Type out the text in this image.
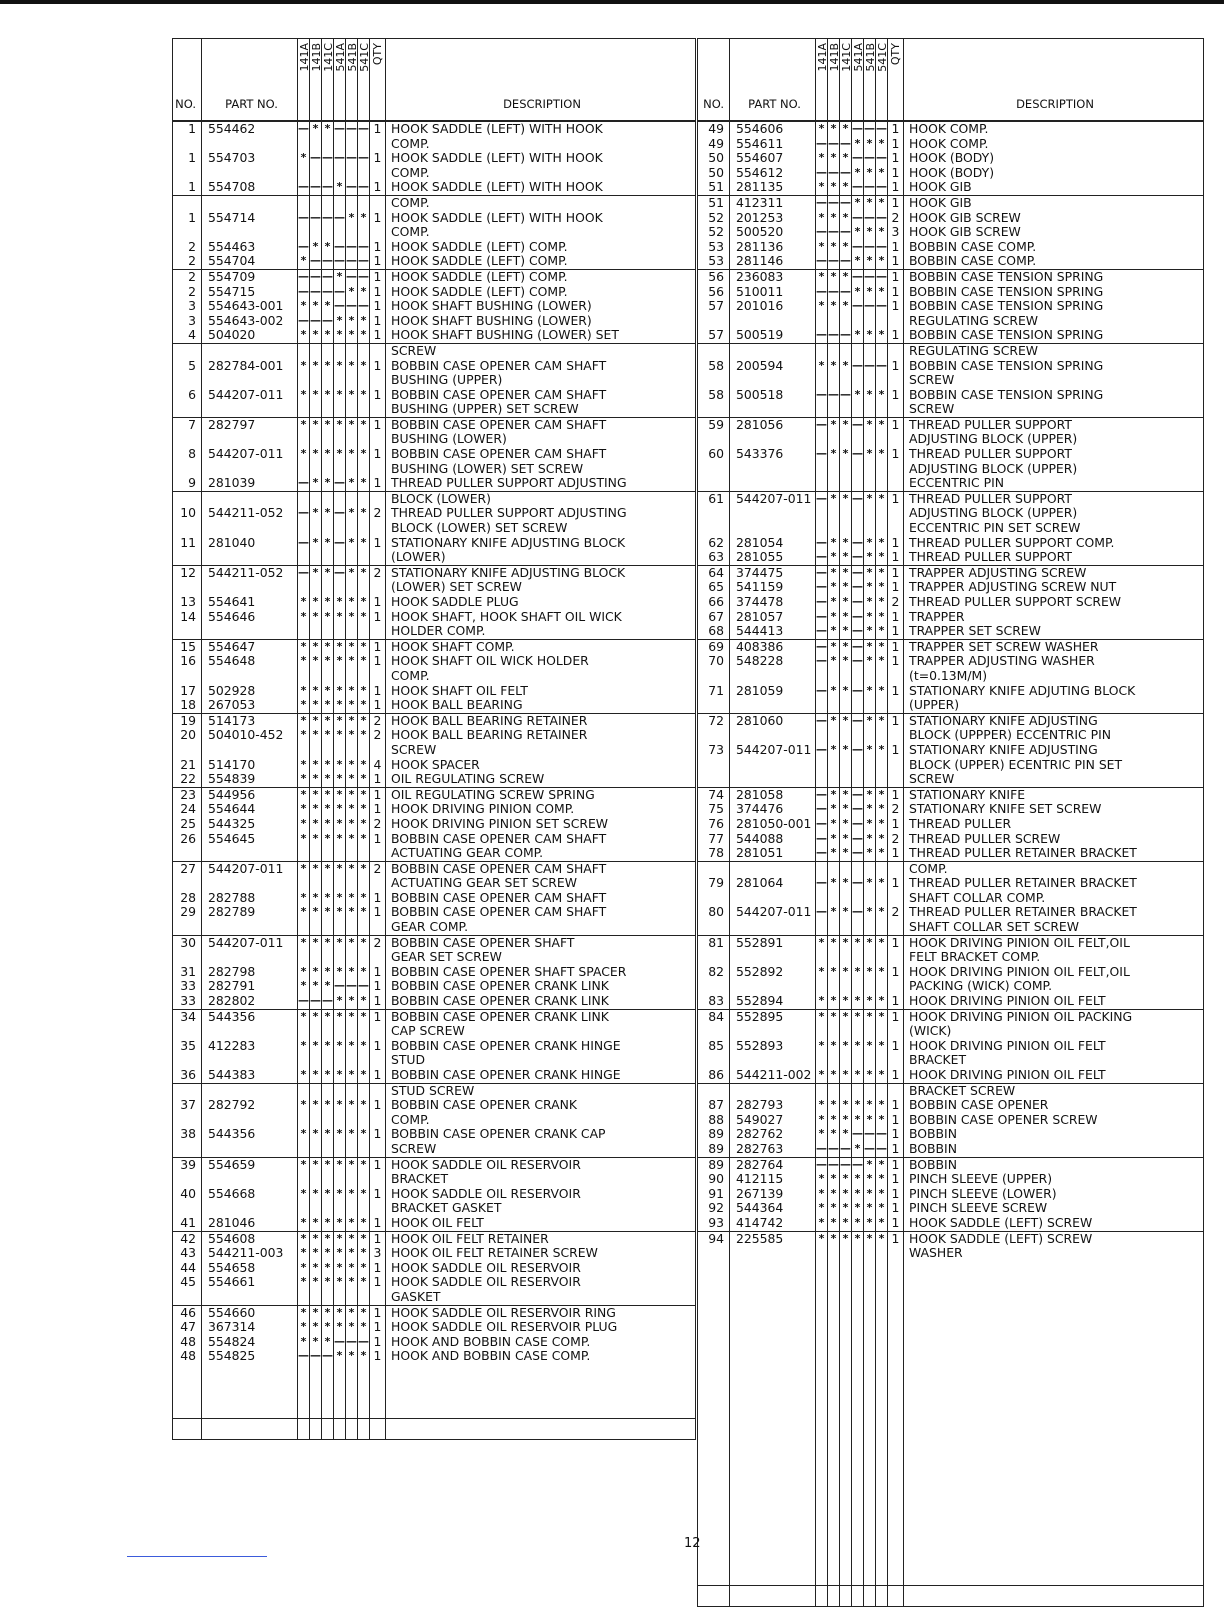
NO.	PART NO.	141A	141B	141C	541A	541B	541C	QTY	DESCRIPTION
1	554462	—	*	*	—	—	—	1	HOOK SADDLE (LEFT) WITH HOOK
									COMP.
1	554703	*	—	—	—	—	—	1	HOOK SADDLE (LEFT) WITH HOOK
									COMP.
1	554708	—	—	—	*	—	—	1	HOOK SADDLE (LEFT) WITH HOOK
									COMP.
1	554714	—	—	—	—	*	*	1	HOOK SADDLE (LEFT) WITH HOOK
									COMP.
2	554463	—	*	*	—	—	—	1	HOOK SADDLE (LEFT) COMP.
2	554704	*	—	—	—	—	—	1	HOOK SADDLE (LEFT) COMP.
2	554709	—	—	—	*	—	—	1	HOOK SADDLE (LEFT) COMP.
2	554715	—	—	—	—	*	*	1	HOOK SADDLE (LEFT) COMP.
3	554643-001	*	*	*	—	—	—	1	HOOK SHAFT BUSHING (LOWER)
3	554643-002	—	—	—	*	*	*	1	HOOK SHAFT BUSHING (LOWER)
4	504020	*	*	*	*	*	*	1	HOOK SHAFT BUSHING (LOWER) SET
									SCREW
5	282784-001	*	*	*	*	*	*	1	BOBBIN CASE OPENER CAM SHAFT
									BUSHING (UPPER)
6	544207-011	*	*	*	*	*	*	1	BOBBIN CASE OPENER CAM SHAFT
									BUSHING (UPPER) SET SCREW
7	282797	*	*	*	*	*	*	1	BOBBIN CASE OPENER CAM SHAFT
									BUSHING (LOWER)
8	544207-011	*	*	*	*	*	*	1	BOBBIN CASE OPENER CAM SHAFT
									BUSHING (LOWER) SET SCREW
9	281039	—	*	*	—	*	*	1	THREAD PULLER SUPPORT ADJUSTING
									BLOCK (LOWER)
10	544211-052	—	*	*	—	*	*	2	THREAD PULLER SUPPORT ADJUSTING
									BLOCK (LOWER) SET SCREW
11	281040	—	*	*	—	*	*	1	STATIONARY KNIFE ADJUSTING BLOCK
									(LOWER)
12	544211-052	—	*	*	—	*	*	2	STATIONARY KNIFE ADJUSTING BLOCK
									(LOWER) SET SCREW
13	554641	*	*	*	*	*	*	1	HOOK SADDLE PLUG
14	554646	*	*	*	*	*	*	1	HOOK SHAFT, HOOK SHAFT OIL WICK
									HOLDER COMP.
15	554647	*	*	*	*	*	*	1	HOOK SHAFT COMP.
16	554648	*	*	*	*	*	*	1	HOOK SHAFT OIL WICK HOLDER
									COMP.
17	502928	*	*	*	*	*	*	1	HOOK SHAFT OIL FELT
18	267053	*	*	*	*	*	*	1	HOOK BALL BEARING
19	514173	*	*	*	*	*	*	2	HOOK BALL BEARING RETAINER
20	504010-452	*	*	*	*	*	*	2	HOOK BALL BEARING RETAINER
									SCREW
21	514170	*	*	*	*	*	*	4	HOOK SPACER
22	554839	*	*	*	*	*	*	1	OIL REGULATING SCREW
23	544956	*	*	*	*	*	*	1	OIL REGULATING SCREW SPRING
24	554644	*	*	*	*	*	*	1	HOOK DRIVING PINION COMP.
25	544325	*	*	*	*	*	*	2	HOOK DRIVING PINION SET SCREW
26	554645	*	*	*	*	*	*	1	BOBBIN CASE OPENER CAM SHAFT
									ACTUATING GEAR COMP.
27	544207-011	*	*	*	*	*	*	2	BOBBIN CASE OPENER CAM SHAFT
									ACTUATING GEAR SET SCREW
28	282788	*	*	*	*	*	*	1	BOBBIN CASE OPENER CAM SHAFT
29	282789	*	*	*	*	*	*	1	BOBBIN CASE OPENER CAM SHAFT
									GEAR COMP.
30	544207-011	*	*	*	*	*	*	2	BOBBIN CASE OPENER SHAFT
									GEAR SET SCREW
31	282798	*	*	*	*	*	*	1	BOBBIN CASE OPENER SHAFT SPACER
33	282791	*	*	*	—	—	—	1	BOBBIN CASE OPENER CRANK LINK
33	282802	—	—	—	*	*	*	1	BOBBIN CASE OPENER CRANK LINK
34	544356	*	*	*	*	*	*	1	BOBBIN CASE OPENER CRANK LINK
									CAP SCREW
35	412283	*	*	*	*	*	*	1	BOBBIN CASE OPENER CRANK HINGE
									STUD
36	544383	*	*	*	*	*	*	1	BOBBIN CASE OPENER CRANK HINGE
									STUD SCREW
37	282792	*	*	*	*	*	*	1	BOBBIN CASE OPENER CRANK
									COMP.
38	544356	*	*	*	*	*	*	1	BOBBIN CASE OPENER CRANK CAP
									SCREW
39	554659	*	*	*	*	*	*	1	HOOK SADDLE OIL RESERVOIR
									BRACKET
40	554668	*	*	*	*	*	*	1	HOOK SADDLE OIL RESERVOIR
									BRACKET GASKET
41	281046	*	*	*	*	*	*	1	HOOK OIL FELT
42	554608	*	*	*	*	*	*	1	HOOK OIL FELT RETAINER
43	544211-003	*	*	*	*	*	*	3	HOOK OIL FELT RETAINER SCREW
44	554658	*	*	*	*	*	*	1	HOOK SADDLE OIL RESERVOIR
45	554661	*	*	*	*	*	*	1	HOOK SADDLE OIL RESERVOIR
									GASKET
46	554660	*	*	*	*	*	*	1	HOOK SADDLE OIL RESERVOIR RING
47	367314	*	*	*	*	*	*	1	HOOK SADDLE OIL RESERVOIR PLUG
48	554824	*	*	*	—	—	—	1	HOOK AND BOBBIN CASE COMP.
48	554825	—	—	—	*	*	*	1	HOOK AND BOBBIN CASE COMP.

NO.	PART NO.	141A	141B	141C	541A	541B	541C	QTY	DESCRIPTION
49	554606	*	*	*	—	—	—	1	HOOK COMP.
49	554611	—	—	—	*	*	*	1	HOOK COMP.
50	554607	*	*	*	—	—	—	1	HOOK (BODY)
50	554612	—	—	—	*	*	*	1	HOOK (BODY)
51	281135	*	*	*	—	—	—	1	HOOK GIB
51	412311	—	—	—	*	*	*	1	HOOK GIB
52	201253	*	*	*	—	—	—	2	HOOK GIB SCREW
52	500520	—	—	—	*	*	*	3	HOOK GIB SCREW
53	281136	*	*	*	—	—	—	1	BOBBIN CASE COMP.
53	281146	—	—	—	*	*	*	1	BOBBIN CASE COMP.
56	236083	*	*	*	—	—	—	1	BOBBIN CASE TENSION SPRING
56	510011	—	—	—	*	*	*	1	BOBBIN CASE TENSION SPRING
57	201016	*	*	*	—	—	—	1	BOBBIN CASE TENSION SPRING
									REGULATING SCREW
57	500519	—	—	—	*	*	*	1	BOBBIN CASE TENSION SPRING
									REGULATING SCREW
58	200594	*	*	*	—	—	—	1	BOBBIN CASE TENSION SPRING
									SCREW
58	500518	—	—	—	*	*	*	1	BOBBIN CASE TENSION SPRING
									SCREW
59	281056	—	*	*	—	*	*	1	THREAD PULLER SUPPORT
									ADJUSTING BLOCK (UPPER)
60	543376	—	*	*	—	*	*	1	THREAD PULLER SUPPORT
									ADJUSTING BLOCK (UPPER)
									ECCENTRIC PIN
61	544207-011	—	*	*	—	*	*	1	THREAD PULLER SUPPORT
									ADJUSTING BLOCK (UPPER)
									ECCENTRIC PIN SET SCREW
62	281054	—	*	*	—	*	*	1	THREAD PULLER SUPPORT COMP.
63	281055	—	*	*	—	*	*	1	THREAD PULLER SUPPORT
64	374475	—	*	*	—	*	*	1	TRAPPER ADJUSTING SCREW
65	541159	—	*	*	—	*	*	1	TRAPPER ADJUSTING SCREW NUT
66	374478	—	*	*	—	*	*	2	THREAD PULLER SUPPORT SCREW
67	281057	—	*	*	—	*	*	1	TRAPPER
68	544413	—	*	*	—	*	*	1	TRAPPER SET SCREW
69	408386	—	*	*	—	*	*	1	TRAPPER SET SCREW WASHER
70	548228	—	*	*	—	*	*	1	TRAPPER ADJUSTING WASHER
									(t=0.13M/M)
71	281059	—	*	*	—	*	*	1	STATIONARY KNIFE ADJUTING BLOCK
									(UPPER)
72	281060	—	*	*	—	*	*	1	STATIONARY KNIFE ADJUSTING
									BLOCK (UPPPER) ECCENTRIC PIN
73	544207-011	—	*	*	—	*	*	1	STATIONARY KNIFE ADJUSTING
									BLOCK (UPPER) ECENTRIC PIN SET
									SCREW
74	281058	—	*	*	—	*	*	1	STATIONARY KNIFE
75	374476	—	*	*	—	*	*	2	STATIONARY KNIFE SET SCREW
76	281050-001	—	*	*	—	*	*	1	THREAD PULLER
77	544088	—	*	*	—	*	*	2	THREAD PULLER SCREW
78	281051	—	*	*	—	*	*	1	THREAD PULLER RETAINER BRACKET
									COMP.
79	281064	—	*	*	—	*	*	1	THREAD PULLER RETAINER BRACKET
									SHAFT COLLAR COMP.
80	544207-011	—	*	*	—	*	*	2	THREAD PULLER RETAINER BRACKET
									SHAFT COLLAR SET SCREW
81	552891	*	*	*	*	*	*	1	HOOK DRIVING PINION OIL FELT,OIL
									FELT BRACKET COMP.
82	552892	*	*	*	*	*	*	1	HOOK DRIVING PINION OIL FELT,OIL
									PACKING (WICK) COMP.
83	552894	*	*	*	*	*	*	1	HOOK DRIVING PINION OIL FELT
84	552895	*	*	*	*	*	*	1	HOOK DRIVING PINION OIL PACKING
									(WICK)
85	552893	*	*	*	*	*	*	1	HOOK DRIVING PINION OIL FELT
									BRACKET
86	544211-002	*	*	*	*	*	*	1	HOOK DRIVING PINION OIL FELT
									BRACKET SCREW
87	282793	*	*	*	*	*	*	1	BOBBIN CASE OPENER
88	549027	*	*	*	*	*	*	1	BOBBIN CASE OPENER SCREW
89	282762	*	*	*	—	—	—	1	BOBBIN
89	282763	—	—	—	*	—	—	1	BOBBIN
89	282764	—	—	—	—	*	*	1	BOBBIN
90	412115	*	*	*	*	*	*	1	PINCH SLEEVE (UPPER)
91	267139	*	*	*	*	*	*	1	PINCH SLEEVE (LOWER)
92	544364	*	*	*	*	*	*	1	PINCH SLEEVE SCREW
93	414742	*	*	*	*	*	*	1	HOOK SADDLE (LEFT) SCREW
94	225585	*	*	*	*	*	*	1	HOOK SADDLE (LEFT) SCREW
									WASHER

12
